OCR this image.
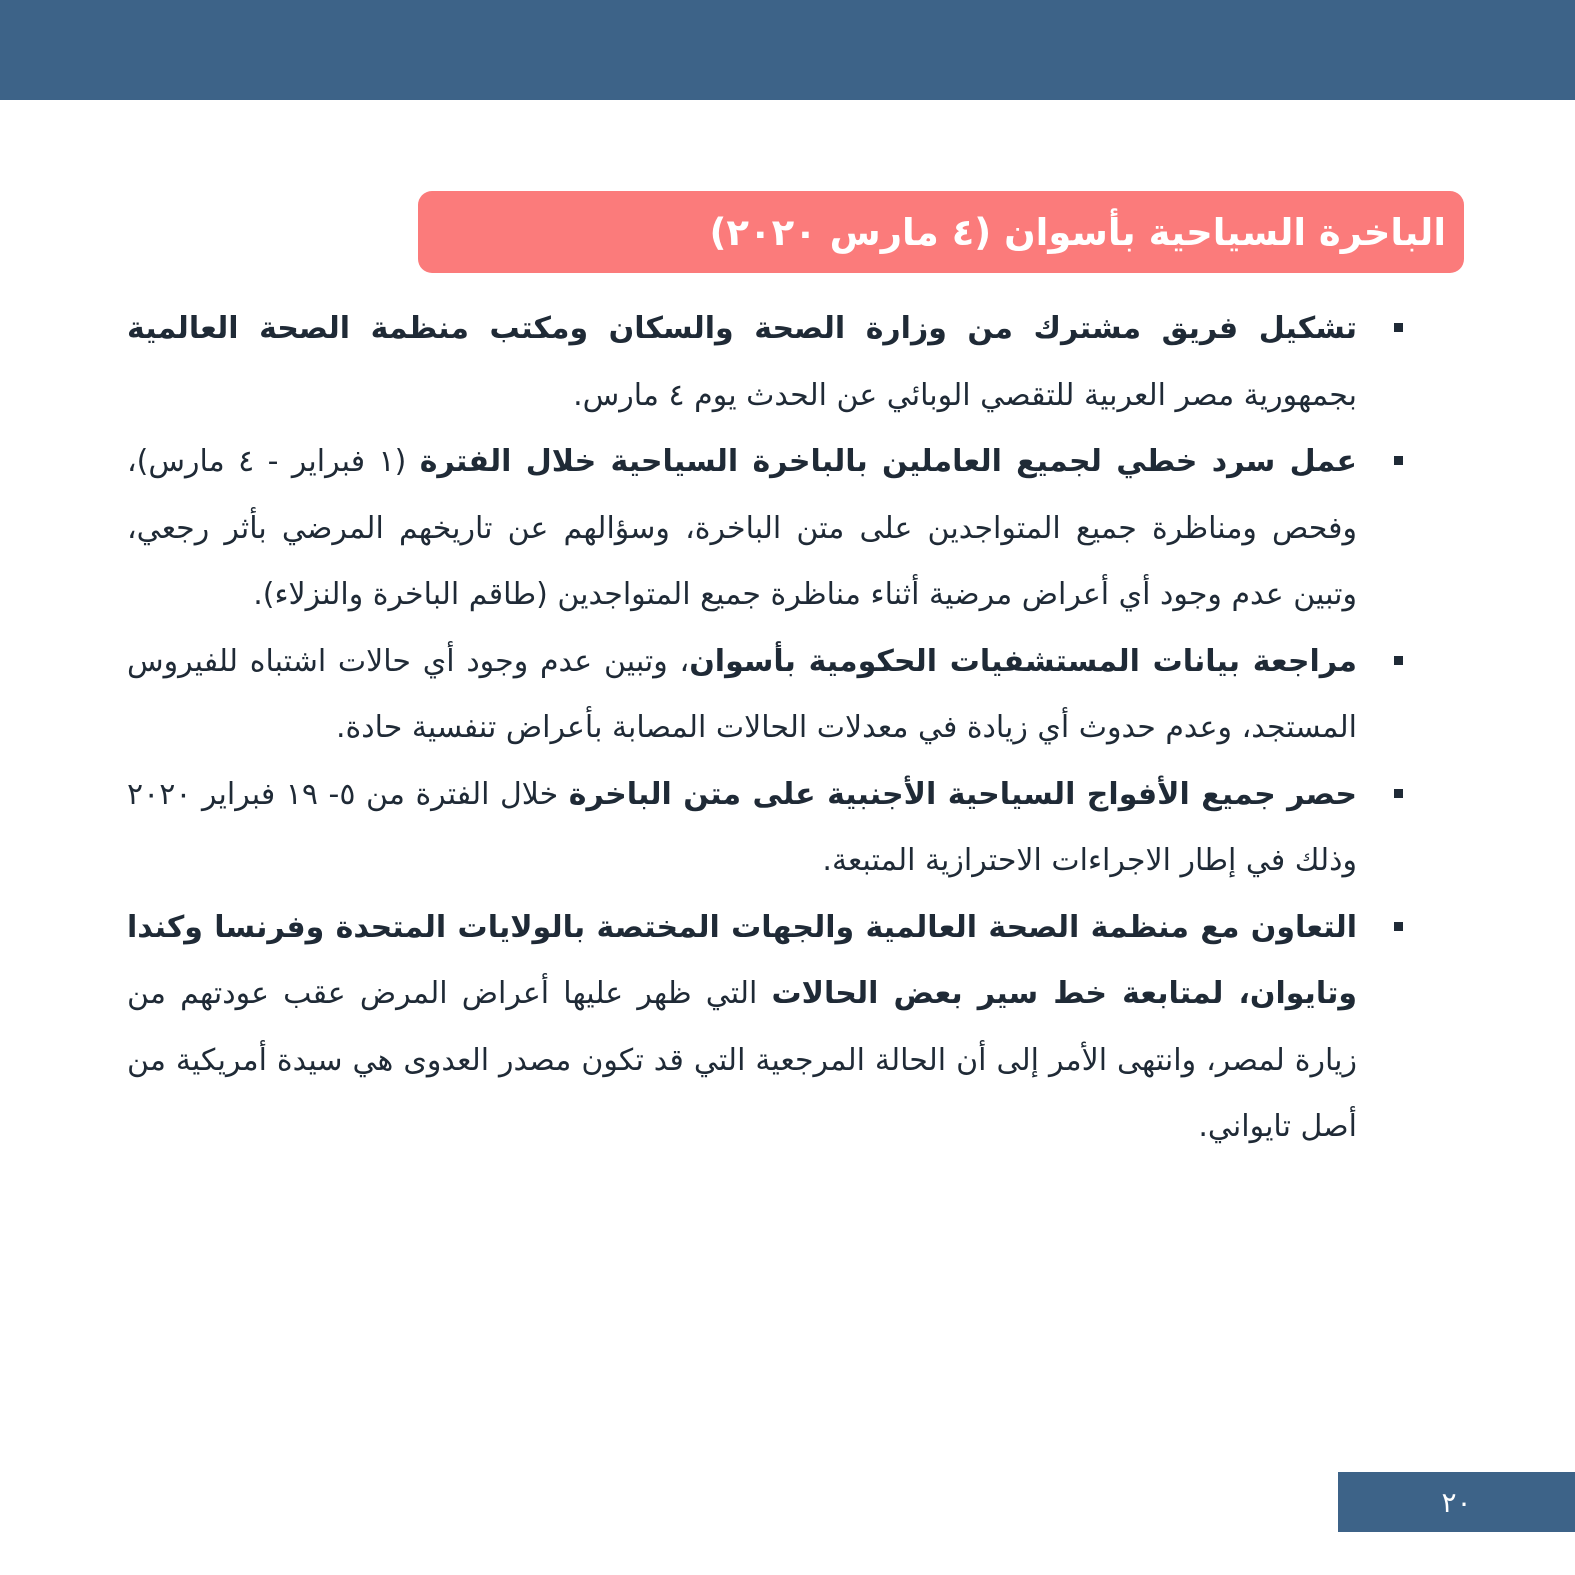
الباخرة السياحية بأسوان (٤ مارس ٢٠٢٠)
تشكيل فريق مشترك من وزارة الصحة والسكان ومكتب منظمة الصحة العالمية بجمهورية مصر العربية للتقصي الوبائي عن الحدث يوم ٤ مارس.
عمل سرد خطي لجميع العاملين بالباخرة السياحية خلال الفترة (١ فبراير - ٤ مارس)، وفحص ومناظرة جميع المتواجدين على متن الباخرة، وسؤالهم عن تاريخهم المرضي بأثر رجعي، وتبين عدم وجود أي أعراض مرضية أثناء مناظرة جميع المتواجدين (طاقم الباخرة والنزلاء).
مراجعة بيانات المستشفيات الحكومية بأسوان، وتبين عدم وجود أي حالات اشتباه للفيروس المستجد، وعدم حدوث أي زيادة في معدلات الحالات المصابة بأعراض تنفسية حادة.
حصر جميع الأفواج السياحية الأجنبية على متن الباخرة خلال الفترة من ٥- ١٩ فبراير ٢٠٢٠ وذلك في إطار الاجراءات الاحترازية المتبعة.
التعاون مع منظمة الصحة العالمية والجهات المختصة بالولايات المتحدة وفرنسا وكندا وتايوان، لمتابعة خط سير بعض الحالات التي ظهر عليها أعراض المرض عقب عودتهم من زيارة لمصر، وانتهى الأمر إلى أن الحالة المرجعية التي قد تكون مصدر العدوى هي سيدة أمريكية من أصل تايواني.
٢٠
